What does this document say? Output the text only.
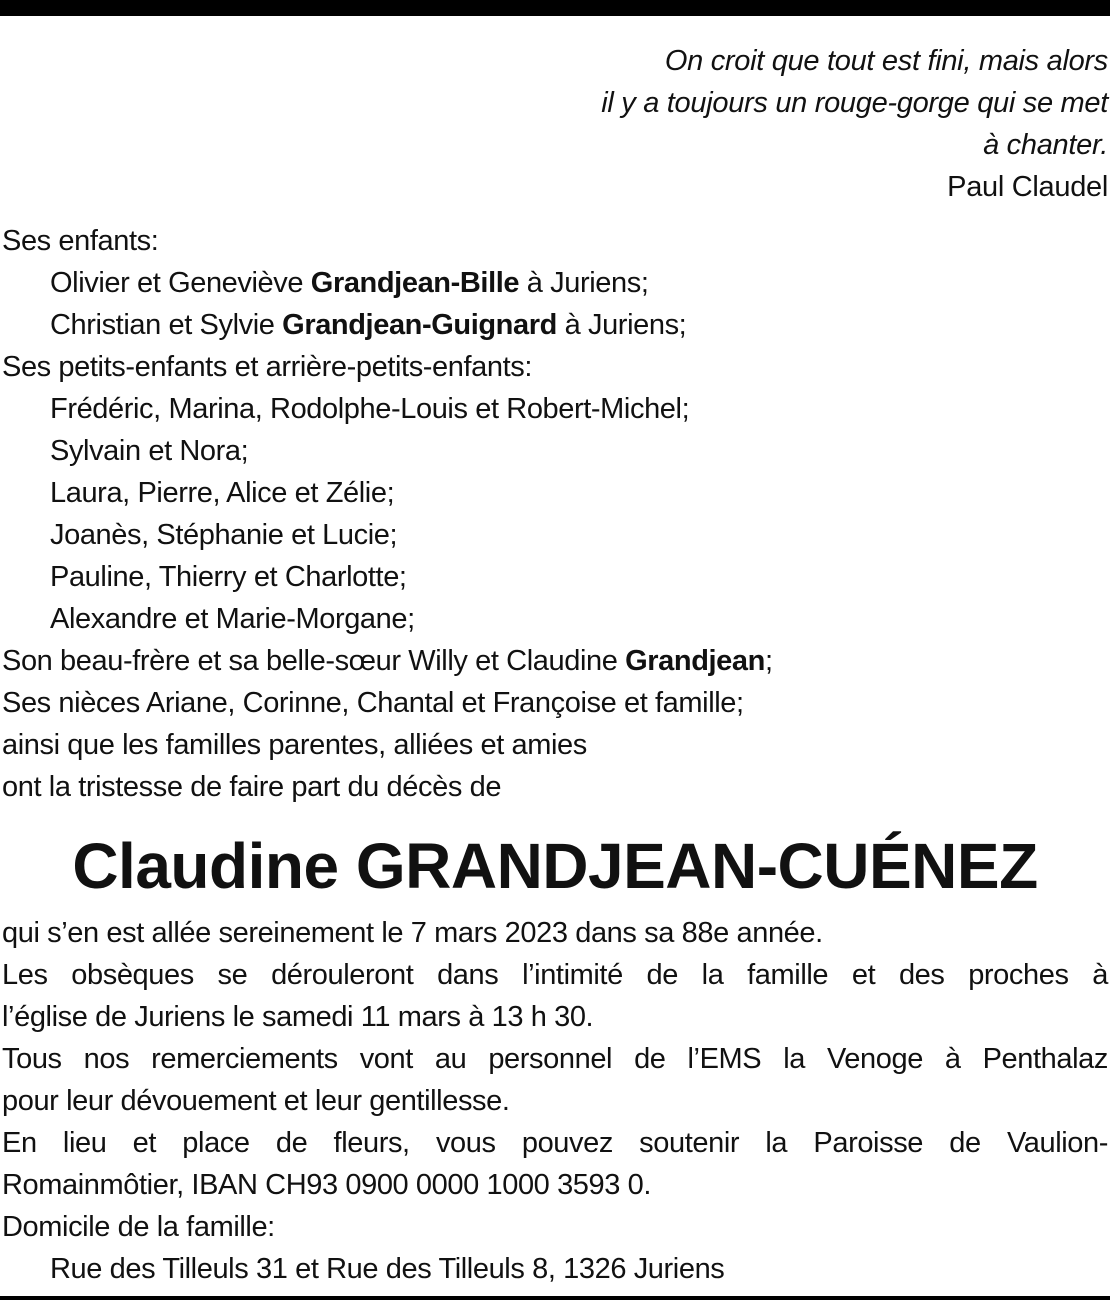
On croit que tout est fini, mais alors
il y a toujours un rouge-gorge qui se met
à chanter.
Paul Claudel
Ses enfants:
Olivier et Geneviève Grandjean-Bille à Juriens;
Christian et Sylvie Grandjean-Guignard à Juriens;
Ses petits-enfants et arrière-petits-enfants:
Frédéric, Marina, Rodolphe-Louis et Robert-Michel;
Sylvain et Nora;
Laura, Pierre, Alice et Zélie;
Joanès, Stéphanie et Lucie;
Pauline, Thierry et Charlotte;
Alexandre et Marie-Morgane;
Son beau-frère et sa belle-sœur Willy et Claudine Grandjean;
Ses nièces Ariane, Corinne, Chantal et Françoise et famille;
ainsi que les familles parentes, alliées et amies
ont la tristesse de faire part du décès de
Claudine GRANDJEAN-CUÉNEZ
qui s’en est allée sereinement le 7 mars 2023 dans sa 88e année.
Les obsèques se dérouleront dans l’intimité de la famille et des proches à
l’église de Juriens le samedi 11 mars à 13 h 30.
Tous nos remerciements vont au personnel de l’EMS la Venoge à Penthalaz
pour leur dévouement et leur gentillesse.
En lieu et place de fleurs, vous pouvez soutenir la Paroisse de Vaulion-
Romainmôtier, IBAN CH93 0900 0000 1000 3593 0.
Domicile de la famille:
Rue des Tilleuls 31 et Rue des Tilleuls 8, 1326 Juriens
